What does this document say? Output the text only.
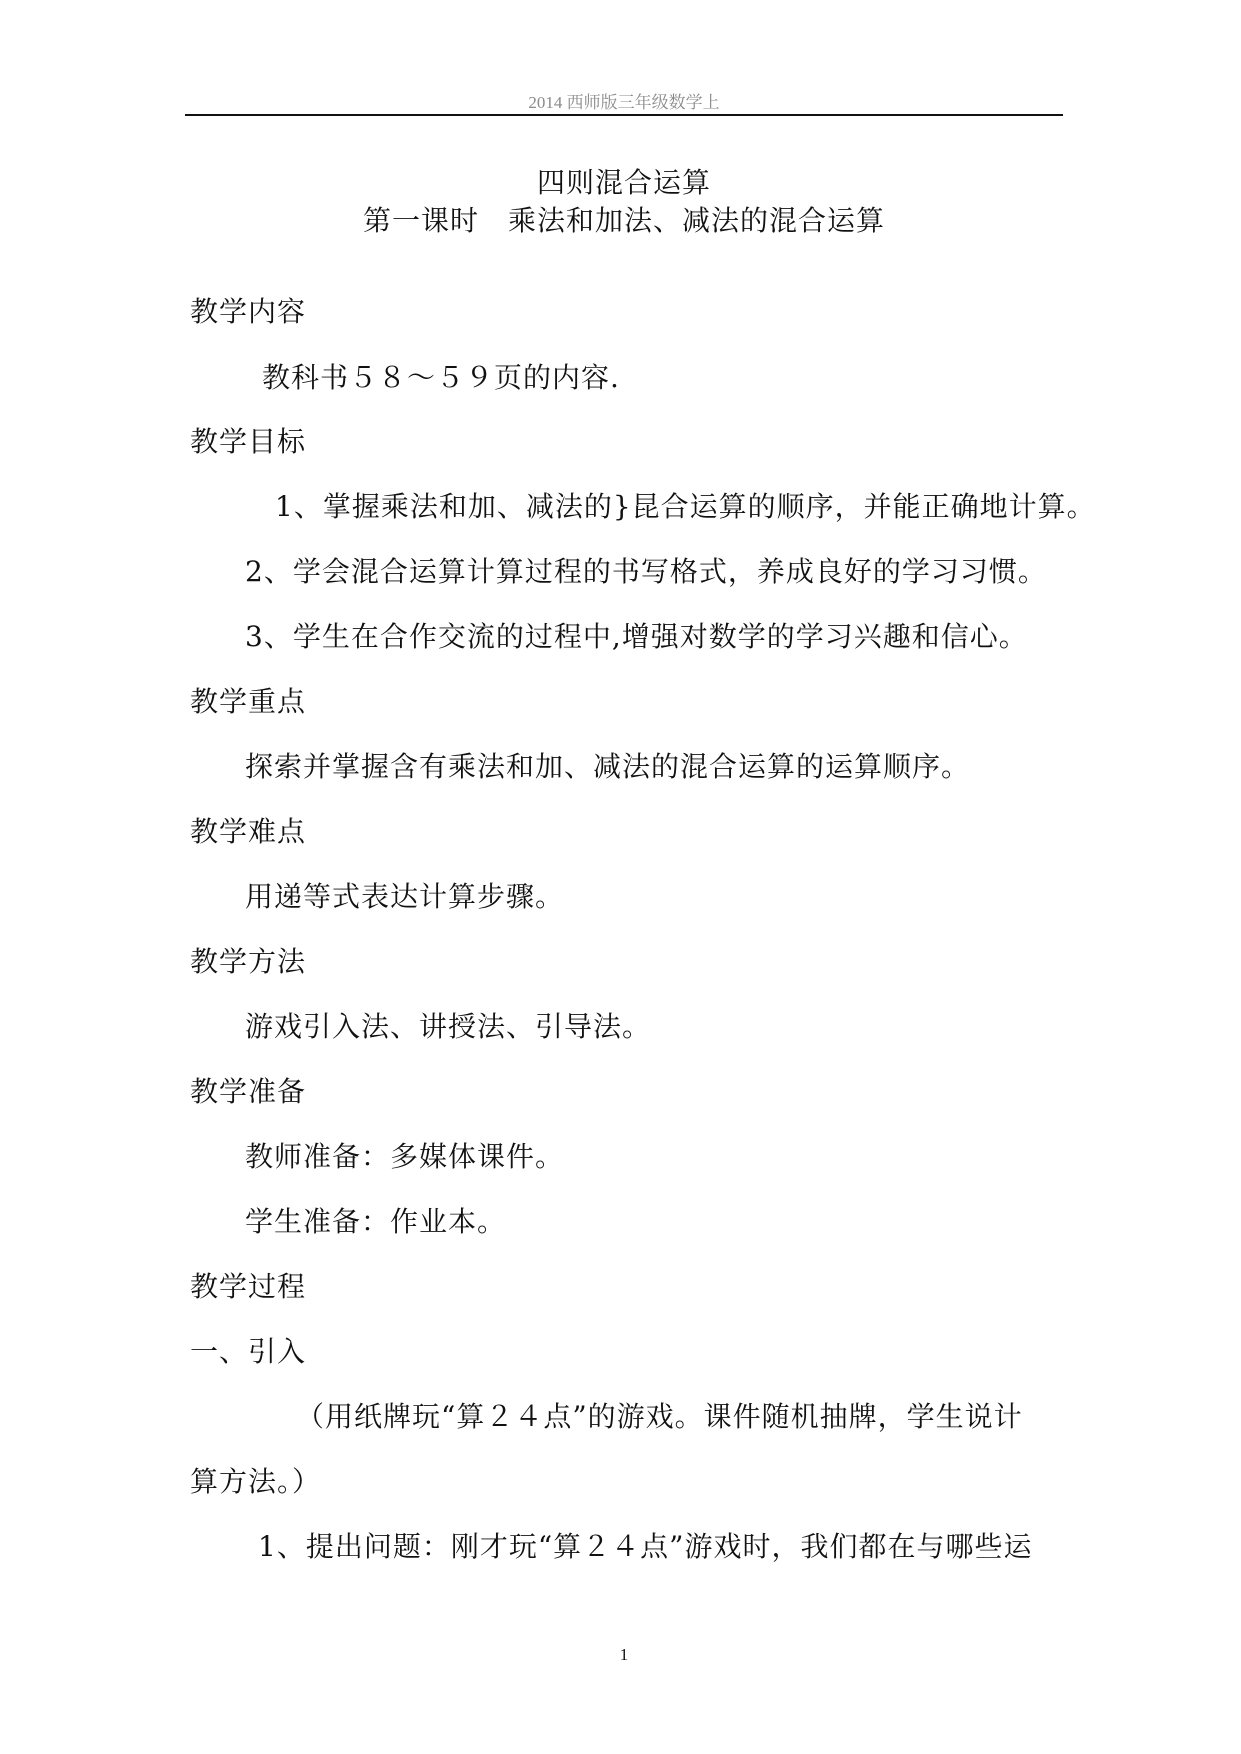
2014 西师版三年级数学上
四则混合运算
第一课时　乘法和加法、减法的混合运算
教学内容
教科书５８～５９页的内容.
教学目标
1、掌握乘法和加、减法的}昆合运算的顺序，并能正确地计算。
2、学会混合运算计算过程的书写格式，养成良好的学习习惯。
3、学生在合作交流的过程中,增强对数学的学习兴趣和信心。
教学重点
探索并掌握含有乘法和加、减法的混合运算的运算顺序。
教学难点
用递等式表达计算步骤。
教学方法
游戏引入法、讲授法、引导法。
教学准备
教师准备：多媒体课件。
学生准备：作业本。
教学过程
一、引入
（用纸牌玩“算２４点”的游戏。课件随机抽牌，学生说计
算方法。）
1、提出问题：刚才玩“算２４点”游戏时，我们都在与哪些运
1
